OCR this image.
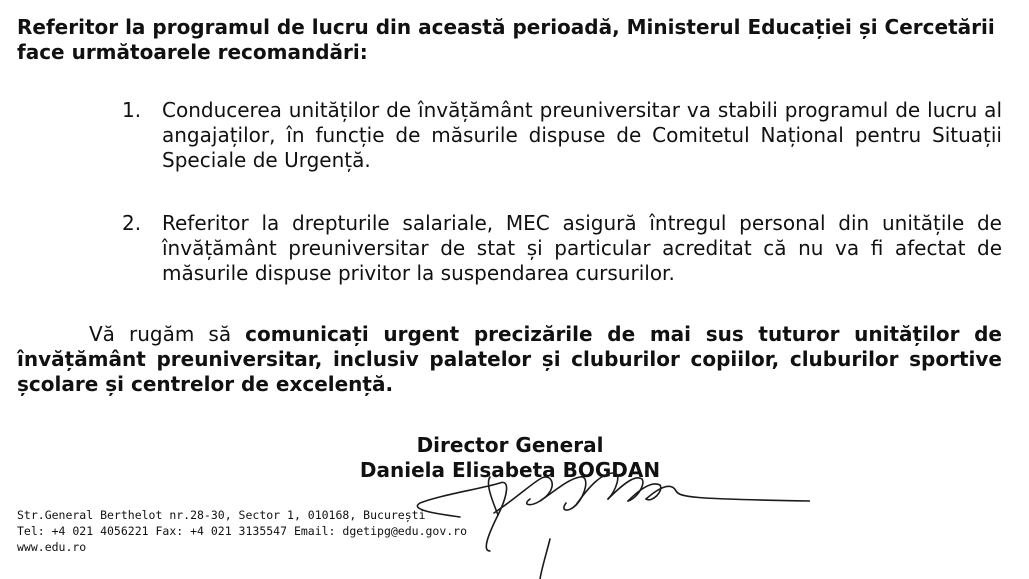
Referitor la programul de lucru din această perioadă, Ministerul Educației și Cercetării
face următoarele recomandări:

1.	Conducerea unităților de învățământ preuniversitar va stabili programul de lucru al angajaților, în funcție de măsurile dispuse de Comitetul Național pentru Situații Speciale de Urgență.
2.	Referitor la drepturile salariale, MEC asigură întregul personal din unitățile de învățământ preuniversitar de stat și particular acreditat că nu va fi afectat de măsurile dispuse privitor la suspendarea cursurilor.

Vă rugăm să comunicați urgent precizările de mai sus tuturor unităților de învățământ preuniversitar, inclusiv palatelor și cluburilor copiilor, cluburilor sportive școlare și centrelor de excelență.

Director General
Daniela Elisabeta BOGDAN
Str.General Berthelot nr.28-30, Sector 1, 010168, București
Tel: +4 021 4056221 Fax: +4 021 3135547 Email: dgetipg@edu.gov.ro
www.edu.ro
